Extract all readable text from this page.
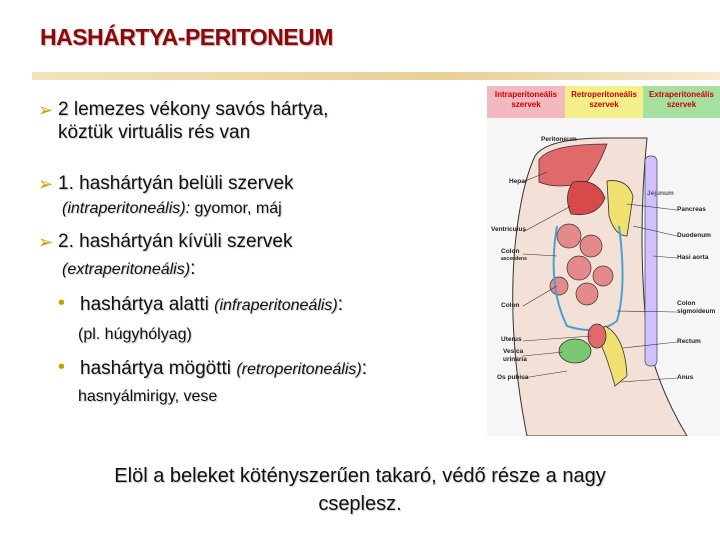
HASHÁRTYA-PERITONEUM
➢ 2 lemezes vékony savós hártya,
köztük virtuális rés van
➢ 1. hashártyán belüli szervek
(intraperitoneális): gyomor, máj
➢ 2. hashártyán kívüli szervek
(extraperitoneális):
• hashártya alatti (infraperitoneális):
(pl. húgyhólyag)
• hashártya mögötti (retroperitoneális):
hasnyálmirigy, vese
Intraperitoneális szervek
Retroperitoneális szervek
Extraperitoneális szervek
Peritoneum
Hepar
Pancreas
Ventriculus
Duodenum
Colon
ascendens	Hasi aorta
Colon	Colon
sigmoideum
Uterus	Rectum
Vesica
urinaria
Os pubica	Anus
Jejunum
Elöl a beleket kötényszerűen takaró, védő része a nagy
cseplesz.
